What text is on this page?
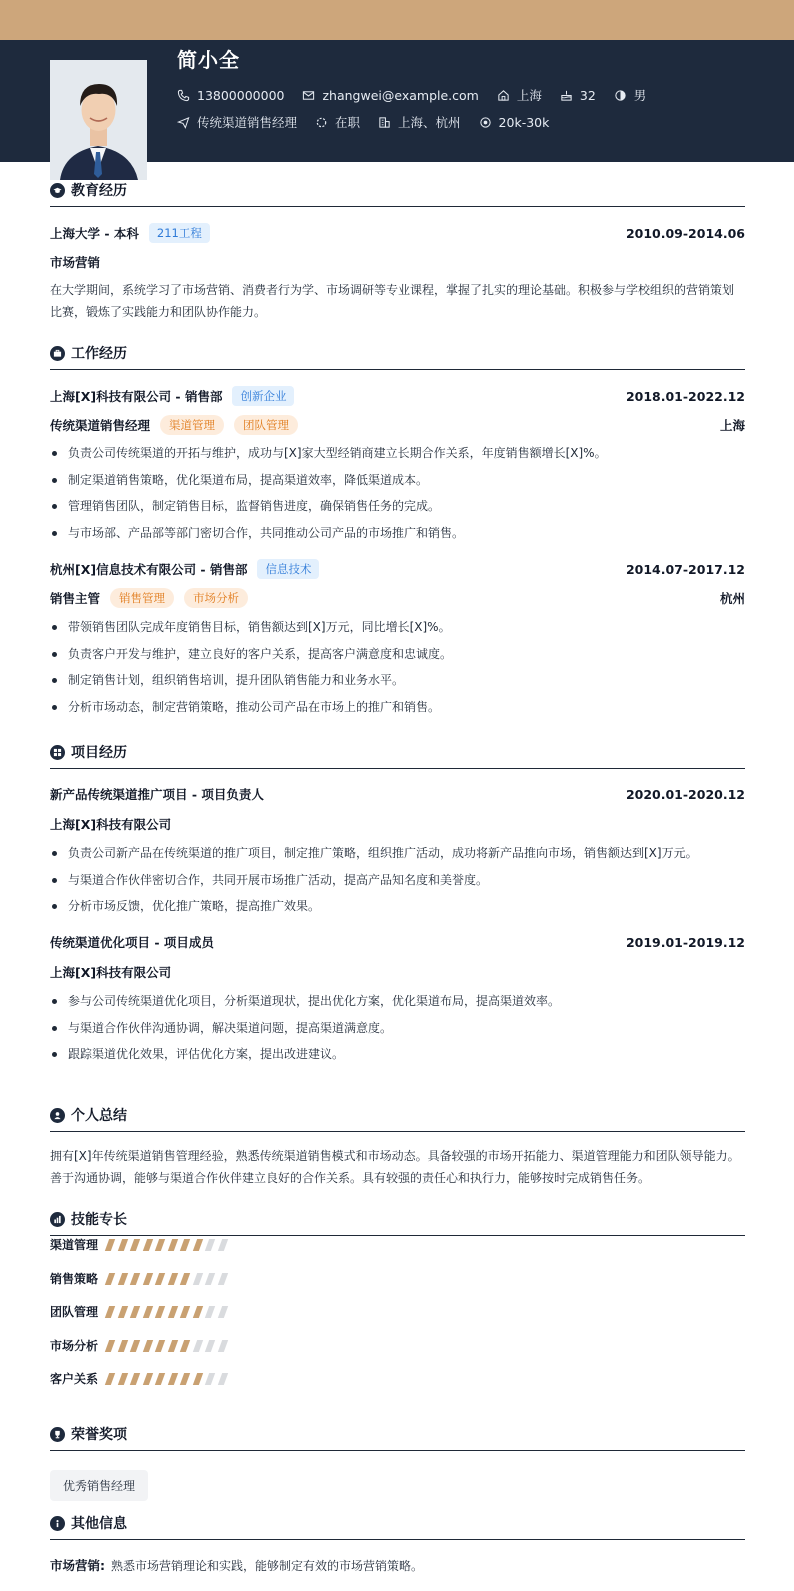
简小全
13800000000	zhangwei@example.com	上海	32	男
传统渠道销售经理	在职	上海、杭州	20k-30k
教育经历
上海大学 - 本科	211工程	2010.09-2014.06
市场营销
在大学期间，系统学习了市场营销、消费者行为学、市场调研等专业课程，掌握了扎实的理论基础。积极参与学校组织的营销策划比赛，锻炼了实践能力和团队协作能力。
工作经历
上海[X]科技有限公司 - 销售部	创新企业	2018.01-2022.12
传统渠道销售经理	渠道管理	团队管理	上海
负责公司传统渠道的开拓与维护，成功与[X]家大型经销商建立长期合作关系，年度销售额增长[X]%。
制定渠道销售策略，优化渠道布局，提高渠道效率，降低渠道成本。
管理销售团队，制定销售目标，监督销售进度，确保销售任务的完成。
与市场部、产品部等部门密切合作，共同推动公司产品的市场推广和销售。
杭州[X]信息技术有限公司 - 销售部	信息技术	2014.07-2017.12
销售主管	销售管理	市场分析	杭州
带领销售团队完成年度销售目标，销售额达到[X]万元，同比增长[X]%。
负责客户开发与维护，建立良好的客户关系，提高客户满意度和忠诚度。
制定销售计划，组织销售培训，提升团队销售能力和业务水平。
分析市场动态，制定营销策略，推动公司产品在市场上的推广和销售。
项目经历
新产品传统渠道推广项目 - 项目负责人	2020.01-2020.12
上海[X]科技有限公司
负责公司新产品在传统渠道的推广项目，制定推广策略，组织推广活动，成功将新产品推向市场，销售额达到[X]万元。
与渠道合作伙伴密切合作，共同开展市场推广活动，提高产品知名度和美誉度。
分析市场反馈，优化推广策略，提高推广效果。
传统渠道优化项目 - 项目成员	2019.01-2019.12
上海[X]科技有限公司
参与公司传统渠道优化项目，分析渠道现状，提出优化方案，优化渠道布局，提高渠道效率。
与渠道合作伙伴沟通协调，解决渠道问题，提高渠道满意度。
跟踪渠道优化效果，评估优化方案，提出改进建议。
个人总结
拥有[X]年传统渠道销售管理经验，熟悉传统渠道销售模式和市场动态。具备较强的市场开拓能力、渠道管理能力和团队领导能力。善于沟通协调，能够与渠道合作伙伴建立良好的合作关系。具有较强的责任心和执行力，能够按时完成销售任务。
技能专长
渠道管理
销售策略
团队管理
市场分析
客户关系
荣誉奖项
优秀销售经理
其他信息
市场营销: 熟悉市场营销理论和实践，能够制定有效的市场营销策略。
